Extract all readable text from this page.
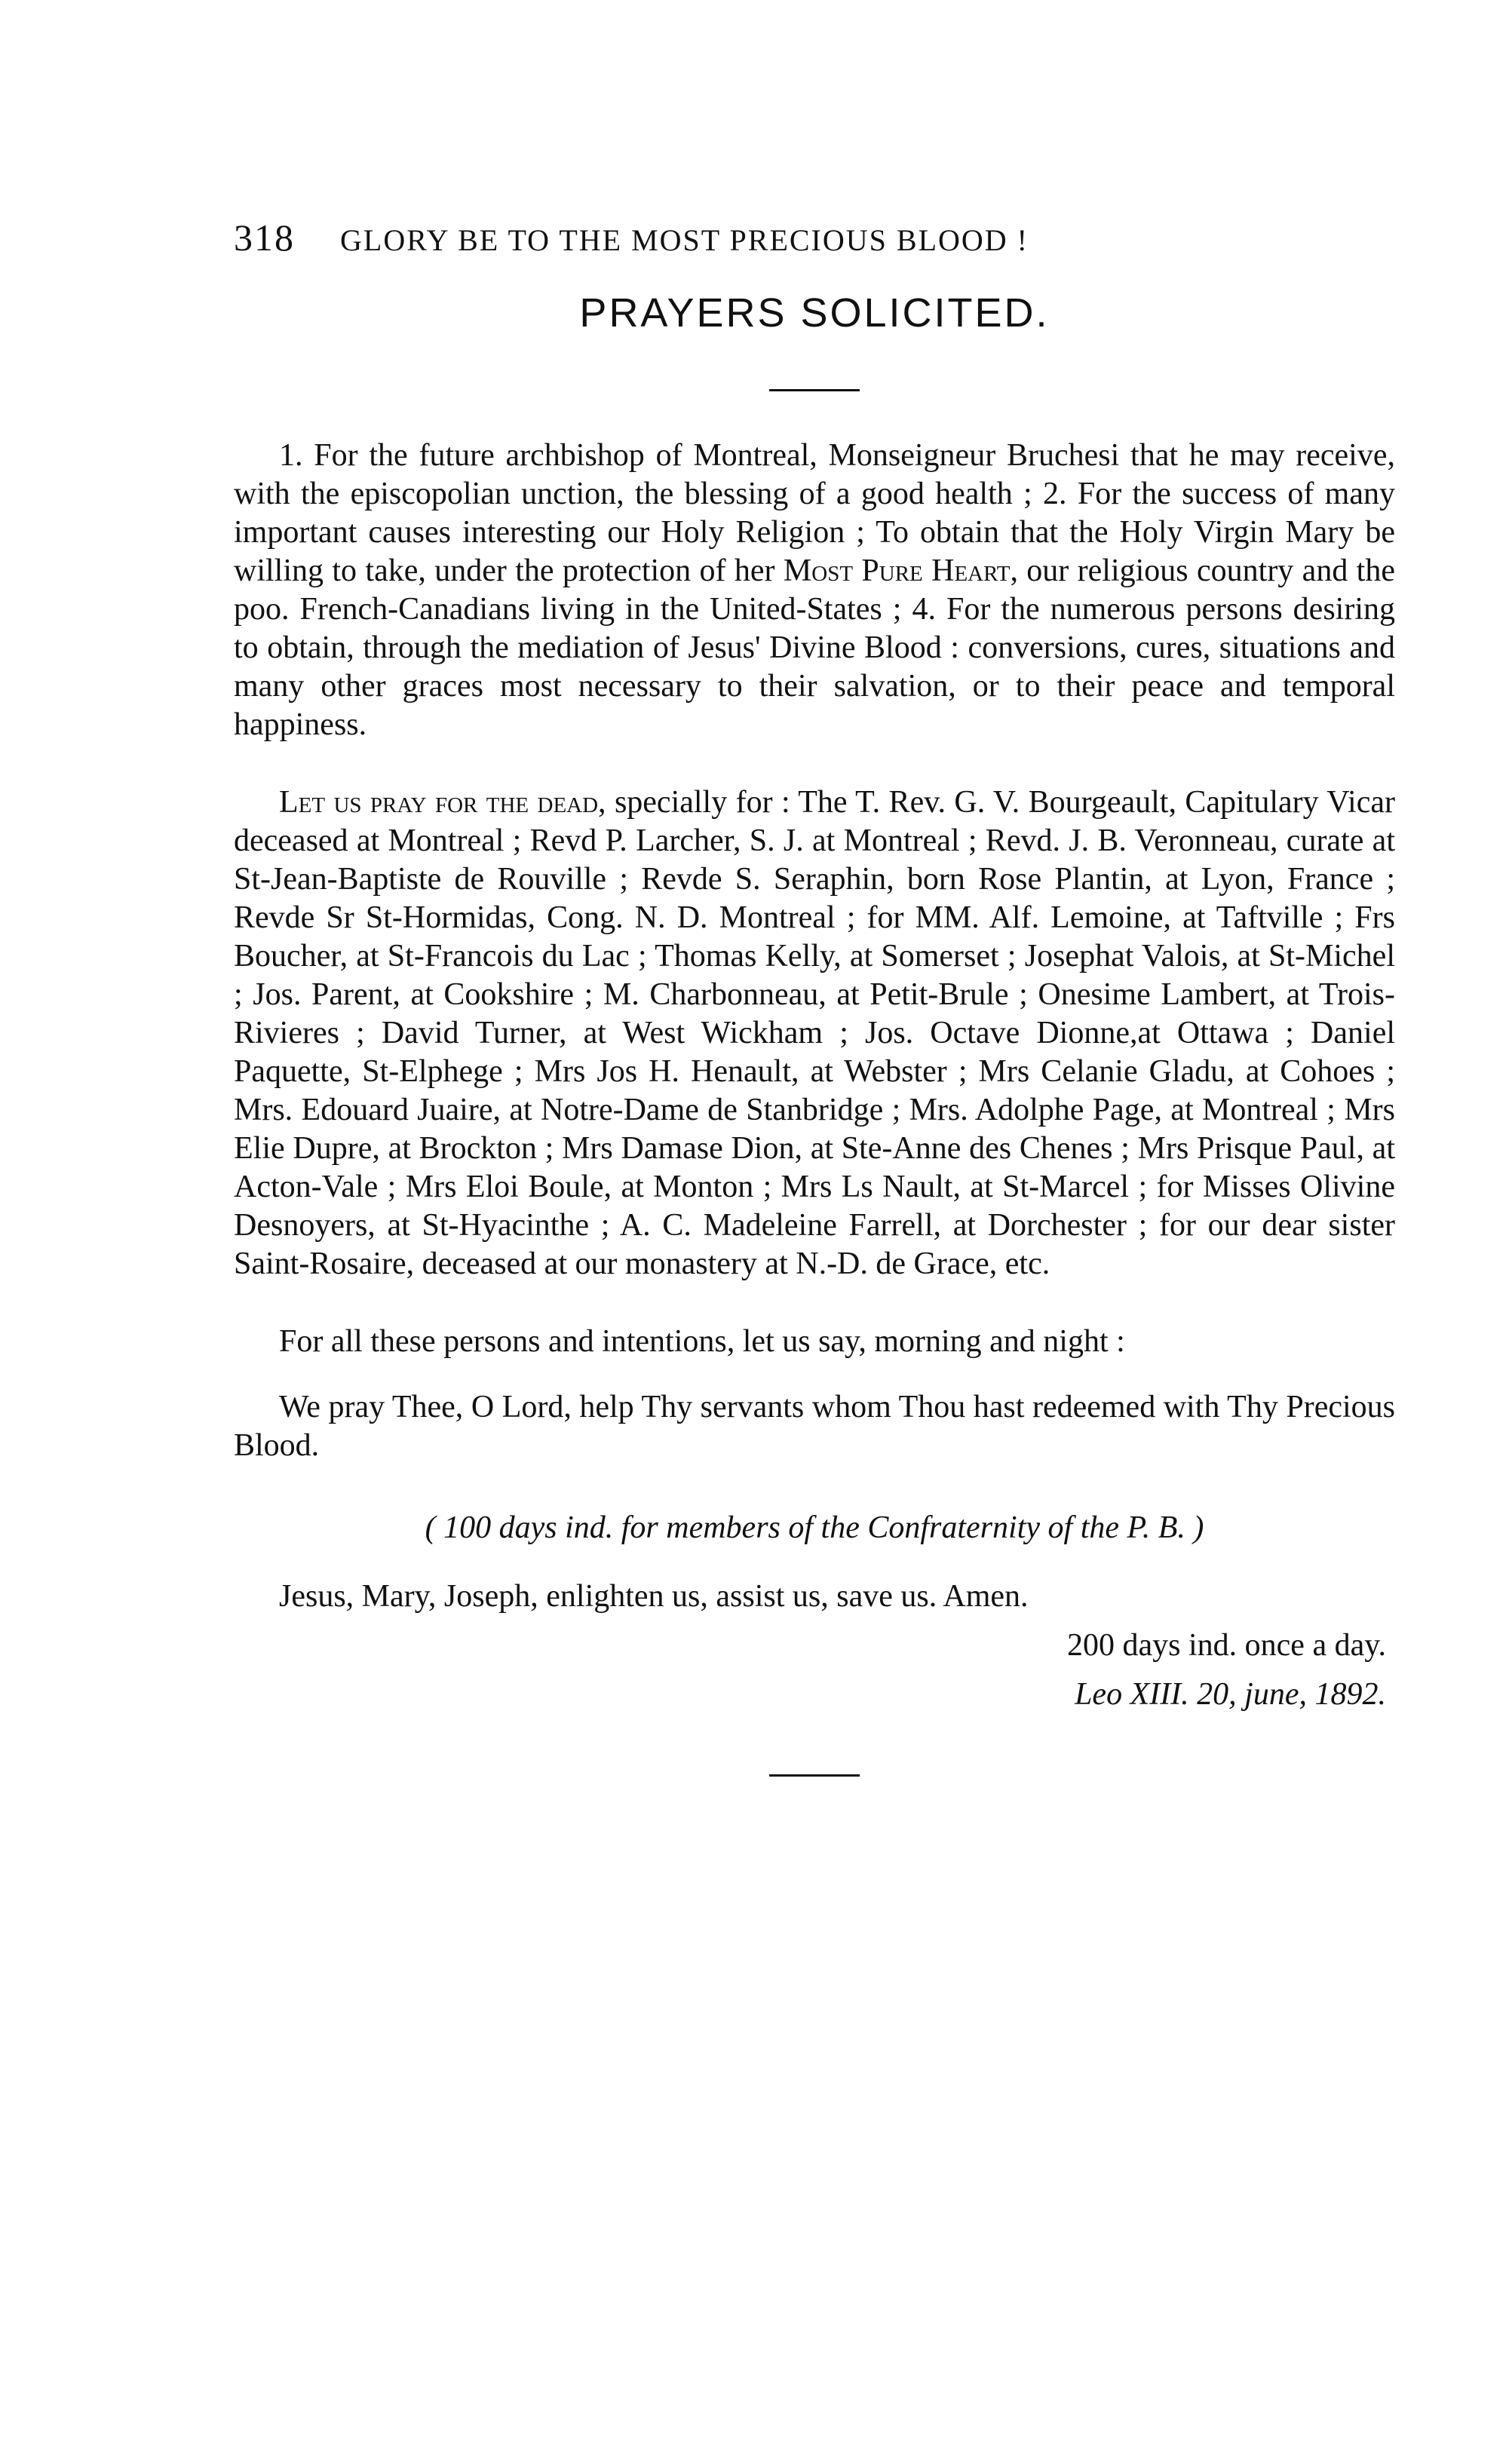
318 GLORY BE TO THE MOST PRECIOUS BLOOD !
PRAYERS SOLICITED.

1. For the future archbishop of Montreal, Monseigneur Bruchesi that he may receive, with the episcopolian unction, the blessing of a good health ; 2. For the success of many important causes interesting our Holy Religion ; To obtain that the Holy Virgin Mary be willing to take, under the protection of her Most Pure Heart, our religious country and the poo. French-Canadians living in the United-States ; 4. For the numerous persons desiring to obtain, through the mediation of Jesus' Divine Blood : conversions, cures, situations and many other graces most necessary to their salvation, or to their peace and temporal happiness.

Let us pray for the dead, specially for : The T. Rev. G. V. Bourgeault, Capitulary Vicar deceased at Montreal ; Revd P. Larcher, S. J. at Montreal ; Revd. J. B. Veronneau, curate at St-Jean-Baptiste de Rouville ; Revde S. Seraphin, born Rose Plantin, at Lyon, France ; Revde Sr St-Hormidas, Cong. N. D. Montreal ; for MM. Alf. Lemoine, at Taftville ; Frs Boucher, at St-Francois du Lac ; Thomas Kelly, at Somerset ; Josephat Valois, at St-Michel ; Jos. Parent, at Cookshire ; M. Charbonneau, at Petit-Brule ; Onesime Lambert, at Trois-Rivieres ; David Turner, at West Wickham ; Jos. Octave Dionne,at Ottawa ; Daniel Paquette, St-Elphege ; Mrs Jos H. Henault, at Webster ; Mrs Celanie Gladu, at Cohoes ; Mrs. Edouard Juaire, at Notre-Dame de Stanbridge ; Mrs. Adolphe Page, at Montreal ; Mrs Elie Dupre, at Brockton ; Mrs Damase Dion, at Ste-Anne des Chenes ; Mrs Prisque Paul, at Acton-Vale ; Mrs Eloi Boule, at Monton ; Mrs Ls Nault, at St-Marcel ; for Misses Olivine Desnoyers, at St-Hyacinthe ; A. C. Madeleine Farrell, at Dorchester ; for our dear sister Saint-Rosaire, deceased at our monastery at N.-D. de Grace, etc.

For all these persons and intentions, let us say, morning and night :

We pray Thee, O Lord, help Thy servants whom Thou hast redeemed with Thy Precious Blood.

( 100 days ind. for members of the Confraternity of the P. B. )
Jesus, Mary, Joseph, enlighten us, assist us, save us. Amen.
200 days ind. once a day.
Leo XIII. 20, june, 1892.
